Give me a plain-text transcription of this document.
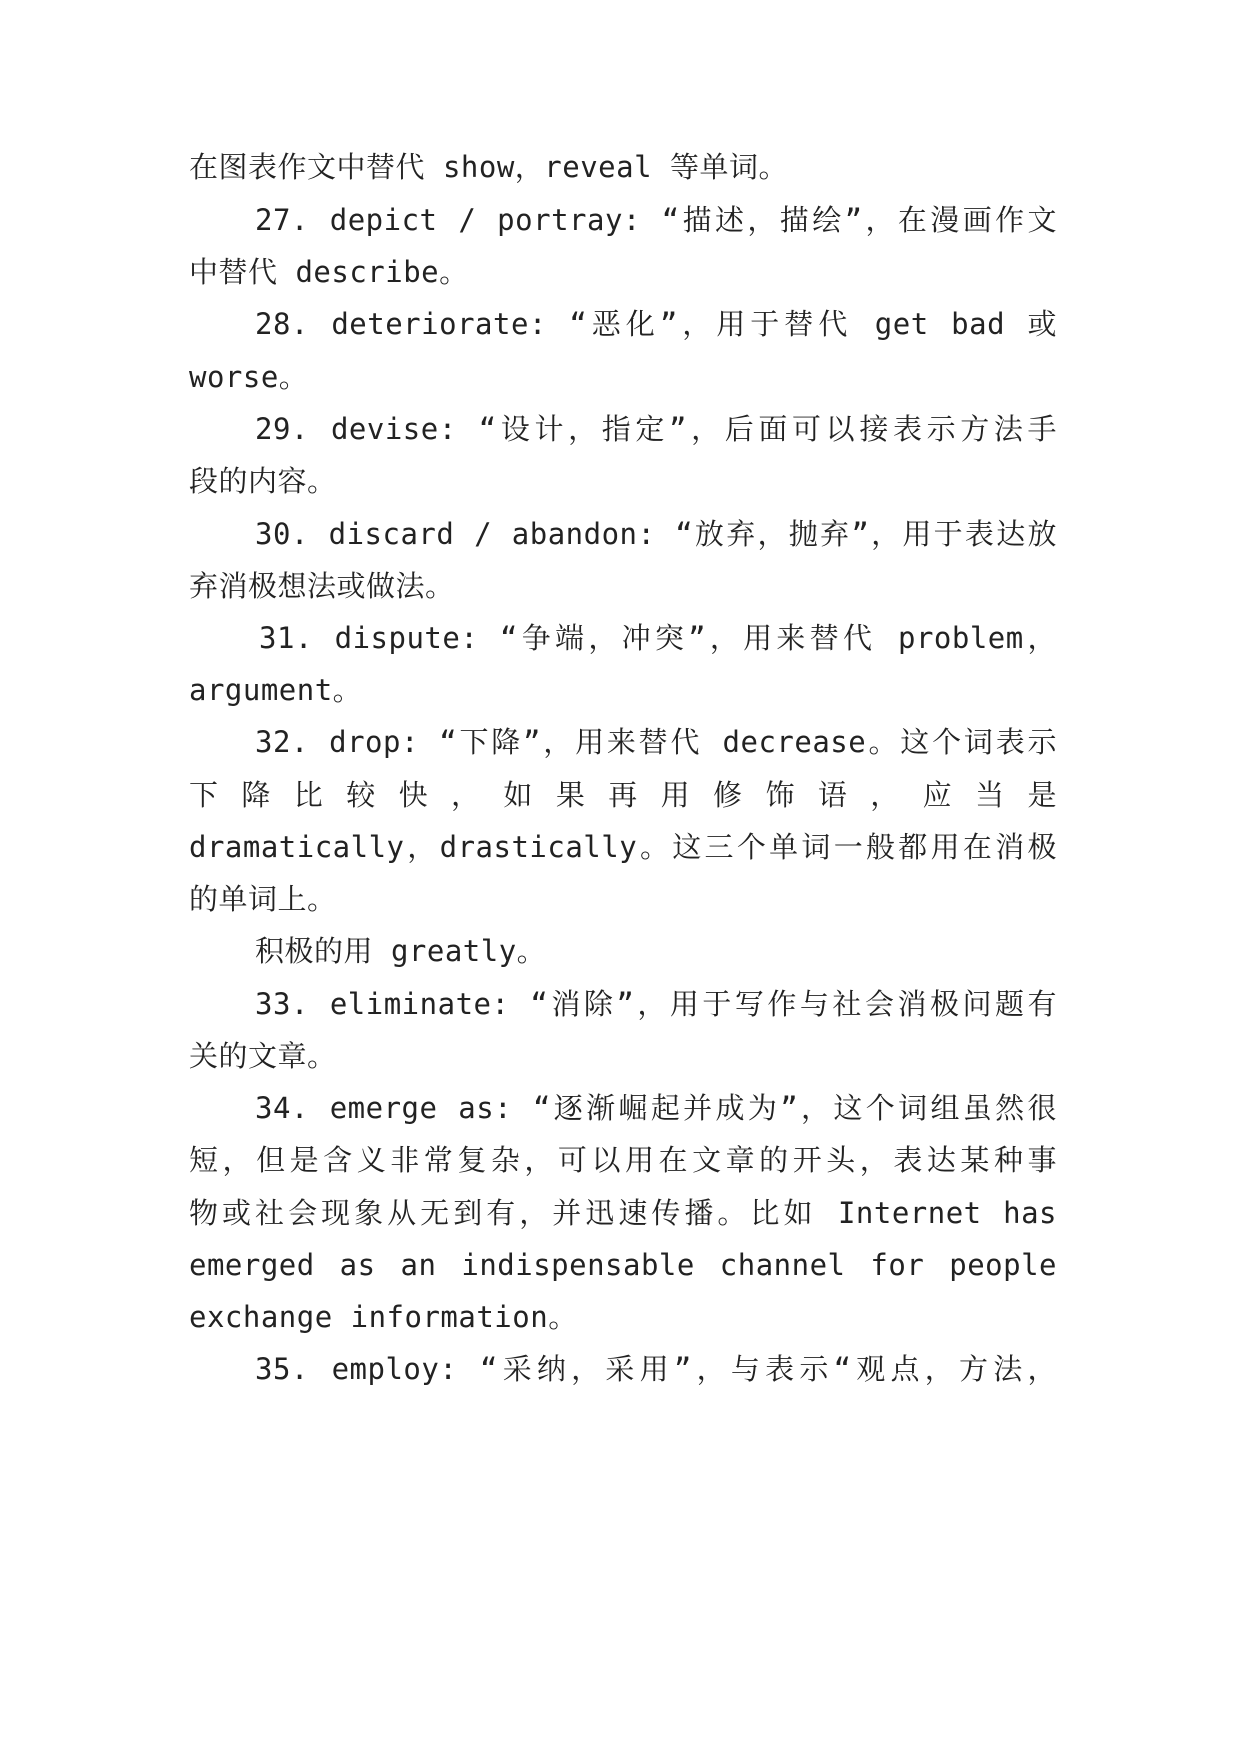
在图表作文中替代 show，reveal 等单词。
27. depict / portray: “描述，描绘”，在漫画作文
中替代 describe。
28. deteriorate: “恶化”，用于替代 get bad 或
worse。
29. devise: “设计，指定”，后面可以接表示方法手
段的内容。
30. discard / abandon: “放弃，抛弃”，用于表达放
弃消极想法或做法。
31. dispute: “争端，冲突”，用来替代 problem，
argument。
32. drop: “下降”，用来替代 decrease。这个词表示
下 降 比 较 快 ， 如 果 再 用 修 饰 语 ， 应 当 是
dramatically，drastically。这三个单词一般都用在消极
的单词上。
积极的用 greatly。
33. eliminate: “消除”，用于写作与社会消极问题有
关的文章。
34. emerge as: “逐渐崛起并成为”，这个词组虽然很
短，但是含义非常复杂，可以用在文章的开头，表达某种事
物或社会现象从无到有，并迅速传播。比如 Internet has
emerged as an indispensable channel for people
exchange information。
35. employ: “采纳，采用”，与表示“观点，方法，
